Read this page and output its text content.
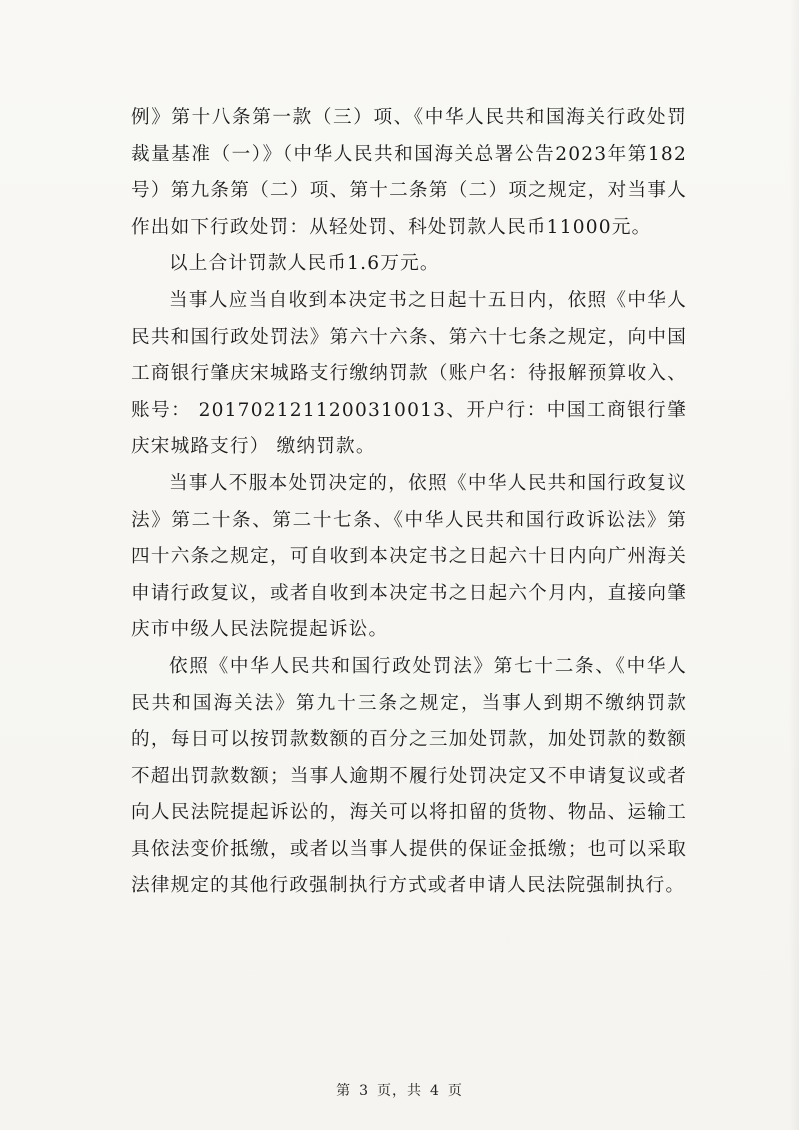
例》第十八条第一款（三）项、《中华人民共和国海关行政处罚裁量基准（一）》（中华人民共和国海关总署公告2023年第182号）第九条第（二）项、第十二条第（二）项之规定，对当事人作出如下行政处罚：从轻处罚、科处罚款人民币11000元。

以上合计罚款人民币1.6万元。

当事人应当自收到本决定书之日起十五日内，依照《中华人民共和国行政处罚法》第六十六条、第六十七条之规定，向中国工商银行肇庆宋城路支行缴纳罚款（账户名：待报解预算收入、账号： 2017021211200310013、开户行：中国工商银行肇庆宋城路支行） 缴纳罚款。

当事人不服本处罚决定的，依照《中华人民共和国行政复议法》第二十条、第二十七条、《中华人民共和国行政诉讼法》第四十六条之规定，可自收到本决定书之日起六十日内向广州海关申请行政复议，或者自收到本决定书之日起六个月内，直接向肇庆市中级人民法院提起诉讼。

依照《中华人民共和国行政处罚法》第七十二条、《中华人民共和国海关法》第九十三条之规定，当事人到期不缴纳罚款的，每日可以按罚款数额的百分之三加处罚款，加处罚款的数额不超出罚款数额；当事人逾期不履行处罚决定又不申请复议或者向人民法院提起诉讼的，海关可以将扣留的货物、物品、运输工具依法变价抵缴，或者以当事人提供的保证金抵缴；也可以采取法律规定的其他行政强制执行方式或者申请人民法院强制执行。

第 3 页，共 4 页
